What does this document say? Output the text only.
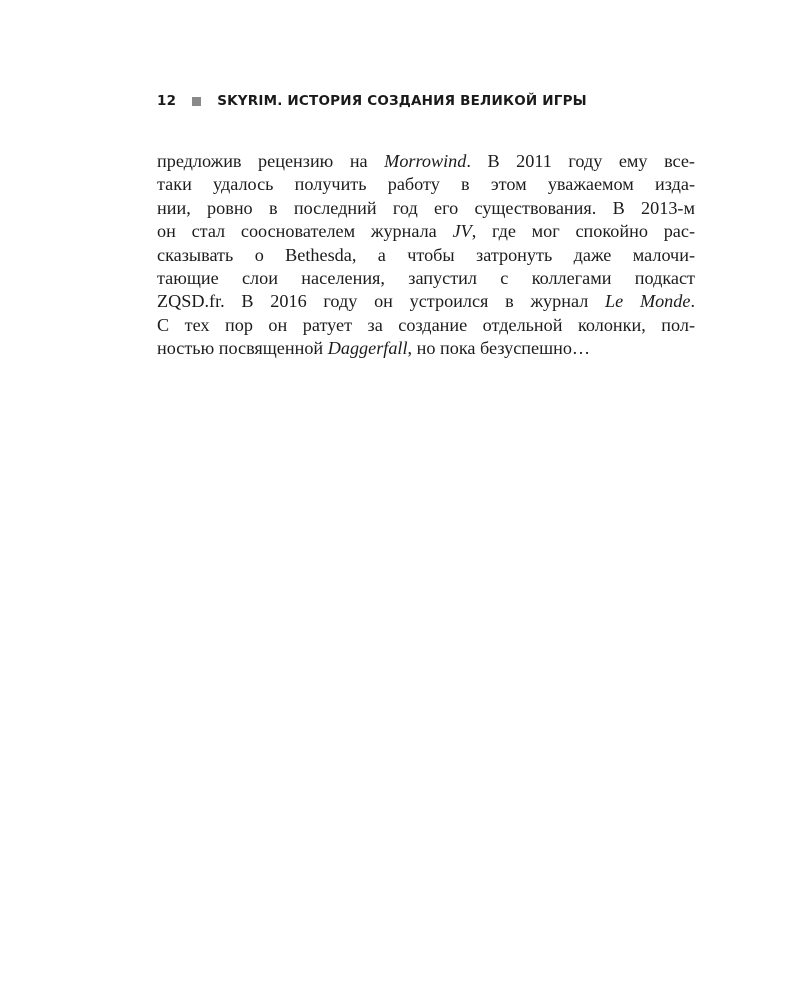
12	SKYRIM. ИСТОРИЯ СОЗДАНИЯ ВЕЛИКОЙ ИГРЫ
предложив рецензию на Morrowind. В 2011 году ему все-
таки удалось получить работу в этом уважаемом изда-
нии, ровно в последний год его существования. В 2013-м
он стал сооснователем журнала JV, где мог спокойно рас-
сказывать о Bethesda, а чтобы затронуть даже малочи-
тающие слои населения, запустил с коллегами подкаст
ZQSD.fr. В 2016 году он устроился в журнал Le Monde.
С тех пор он ратует за создание отдельной колонки, пол-
ностью посвященной Daggerfall, но пока безуспешно…
